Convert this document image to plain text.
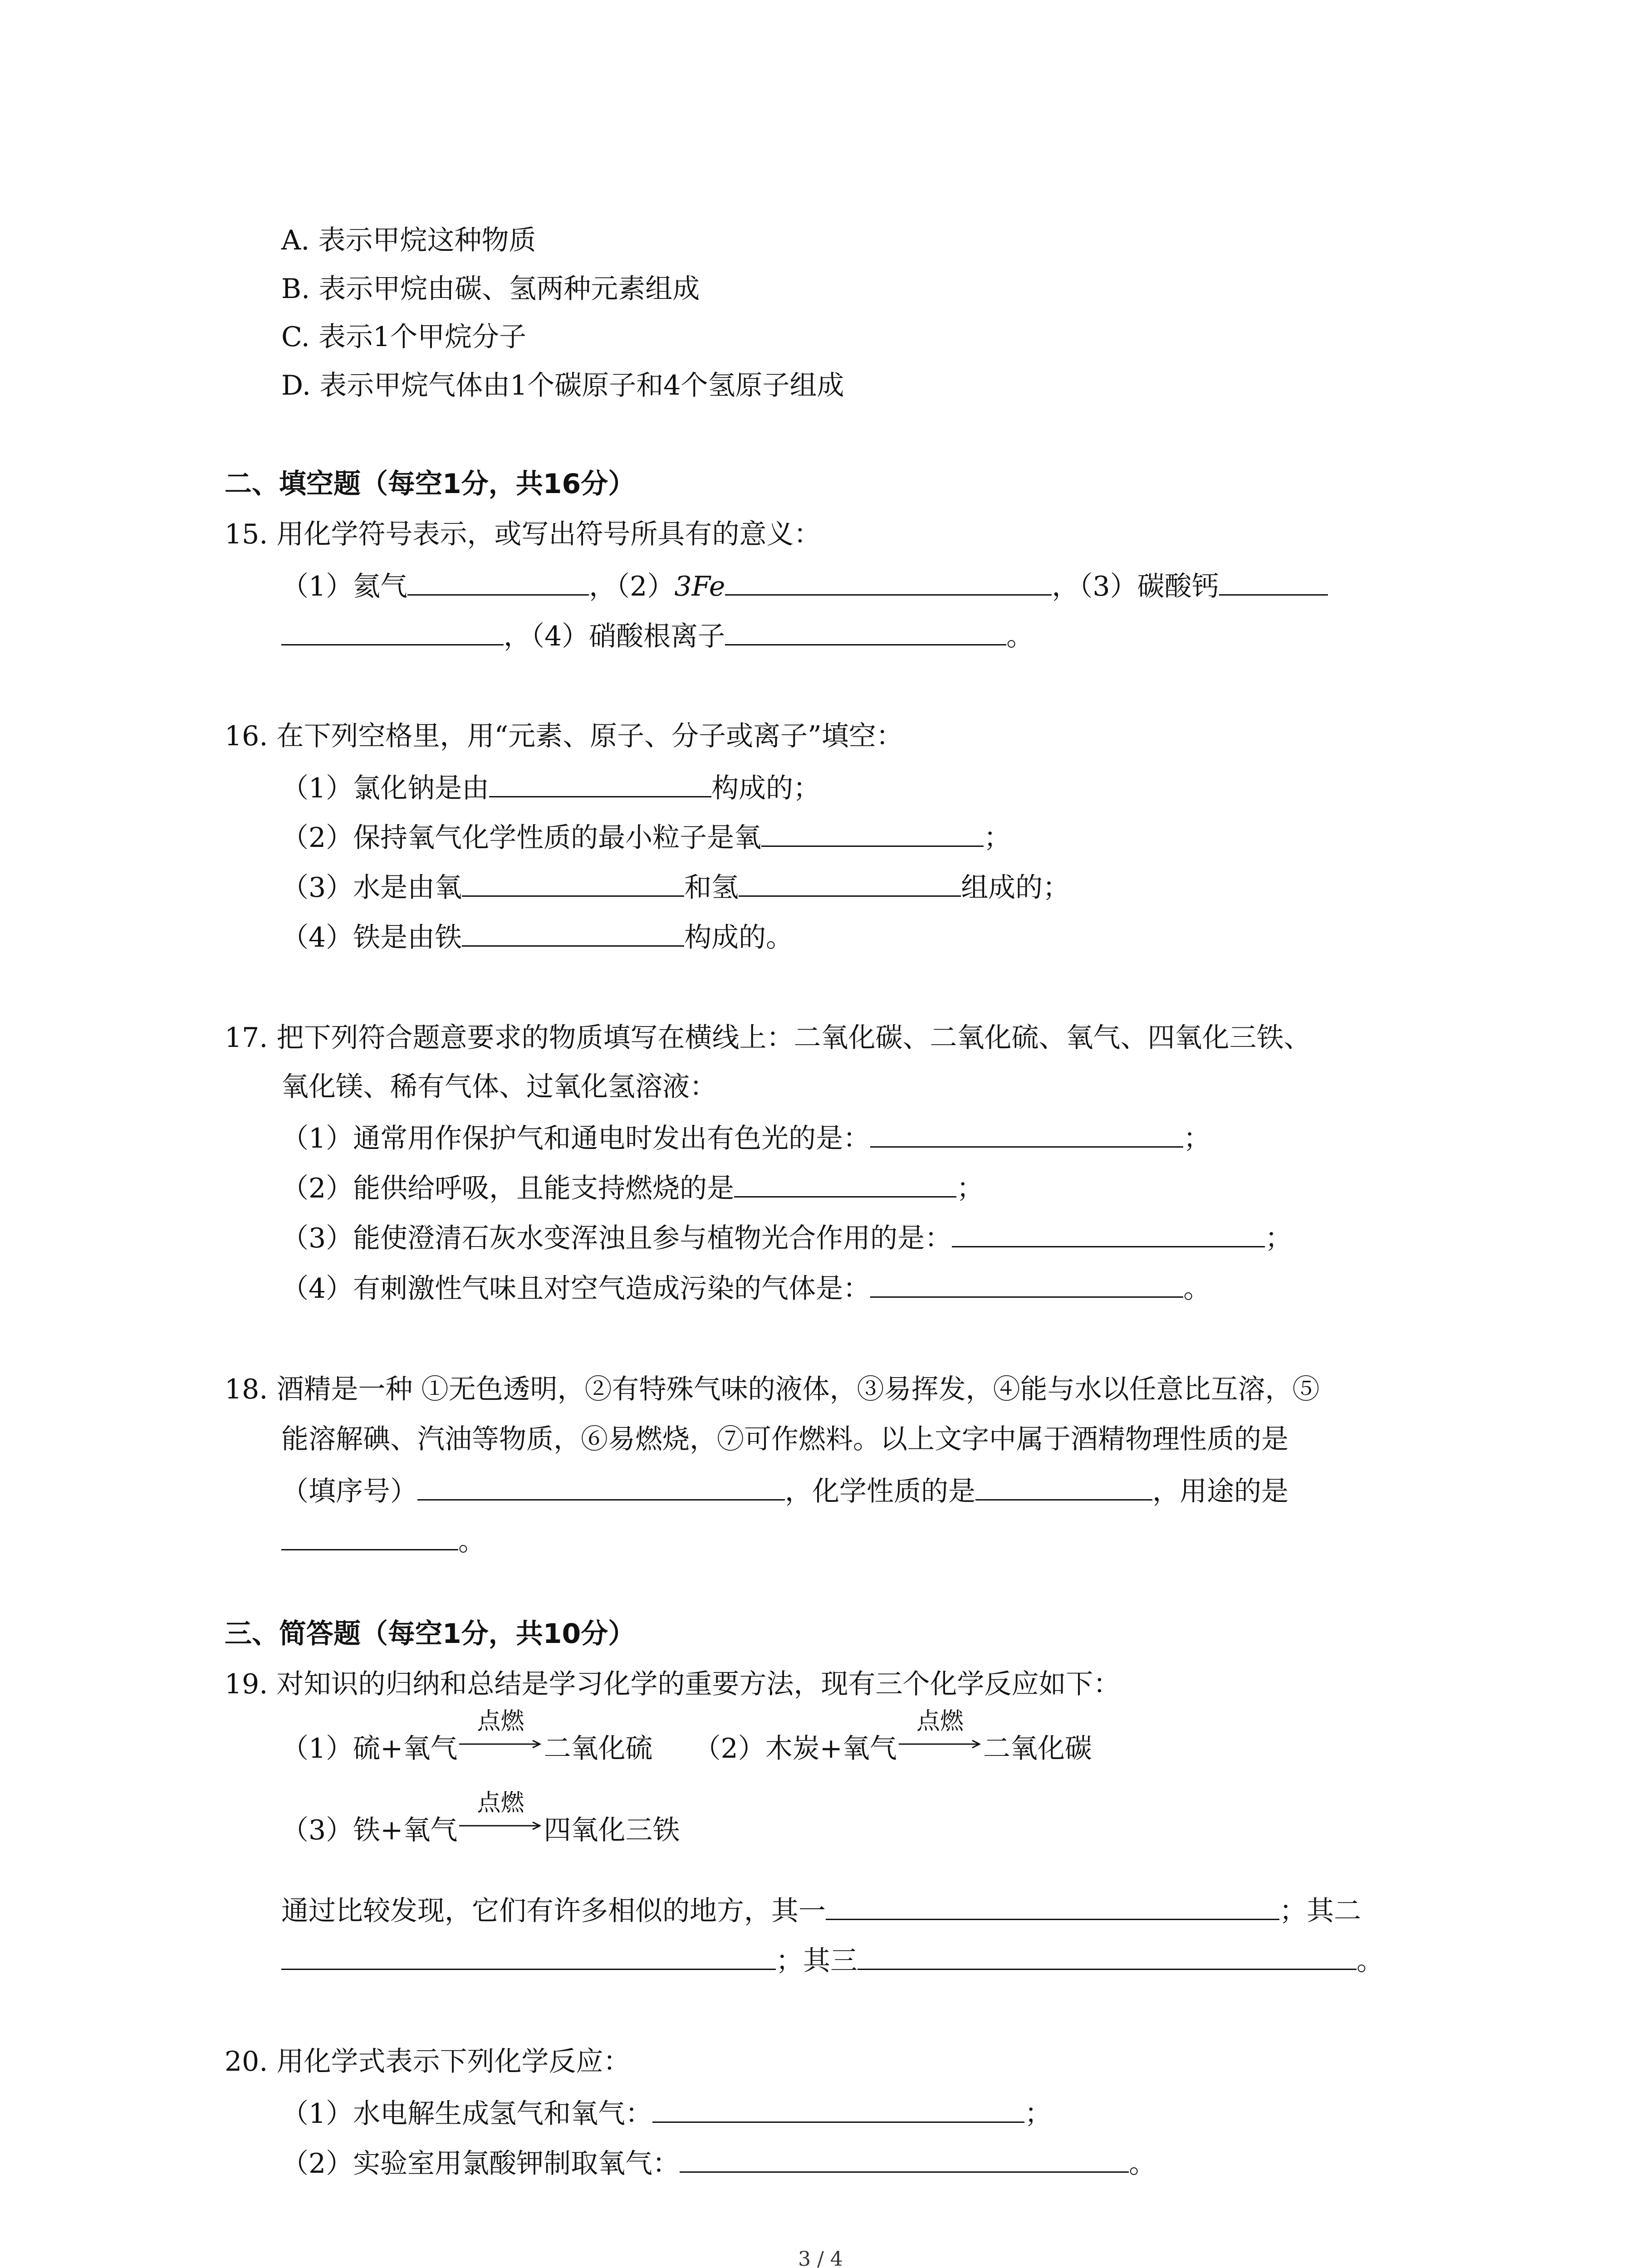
A. 表示甲烷这种物质
B. 表示甲烷由碳、氢两种元素组成
C. 表示1个甲烷分子
D. 表示甲烷气体由1个碳原子和4个氢原子组成
二、填空题（每空1分，共16分）
15. 用化学符号表示，或写出符号所具有的意义：
（1）氦气	，（2）3Fe	，（3）碳酸钙
，（4）硝酸根离子	。
16. 在下列空格里，用“元素、原子、分子或离子”填空：
（1）氯化钠是由	构成的；
（2）保持氧气化学性质的最小粒子是氧	；
（3）水是由氧	和氢	组成的；
（4）铁是由铁	构成的。
17. 把下列符合题意要求的物质填写在横线上：二氧化碳、二氧化硫、氧气、四氧化三铁、
氧化镁、稀有气体、过氧化氢溶液：
（1）通常用作保护气和通电时发出有色光的是：	；
（2）能供给呼吸，且能支持燃烧的是	；
（3）能使澄清石灰水变浑浊且参与植物光合作用的是：	；
（4）有刺激性气味且对空气造成污染的气体是：	。
18. 酒精是一种 ①无色透明，②有特殊气味的液体，③易挥发，④能与水以任意比互溶，⑤
能溶解碘、汽油等物质，⑥易燃烧，⑦可作燃料。以上文字中属于酒精物理性质的是
（填序号）	，化学性质的是	，用途的是
。
三、简答题（每空1分，共10分）
19. 对知识的归纳和总结是学习化学的重要方法，现有三个化学反应如下：
（1）硫+氧气
点燃
二氧化硫 （2）木炭+氧气
点燃
二氧化碳
（3）铁+氧气
点燃
四氧化三铁
通过比较发现，它们有许多相似的地方，其一	；其二
；其三	。
20. 用化学式表示下列化学反应：
（1）水电解生成氢气和氧气：	；
（2）实验室用氯酸钾制取氧气：	。
3 / 4
